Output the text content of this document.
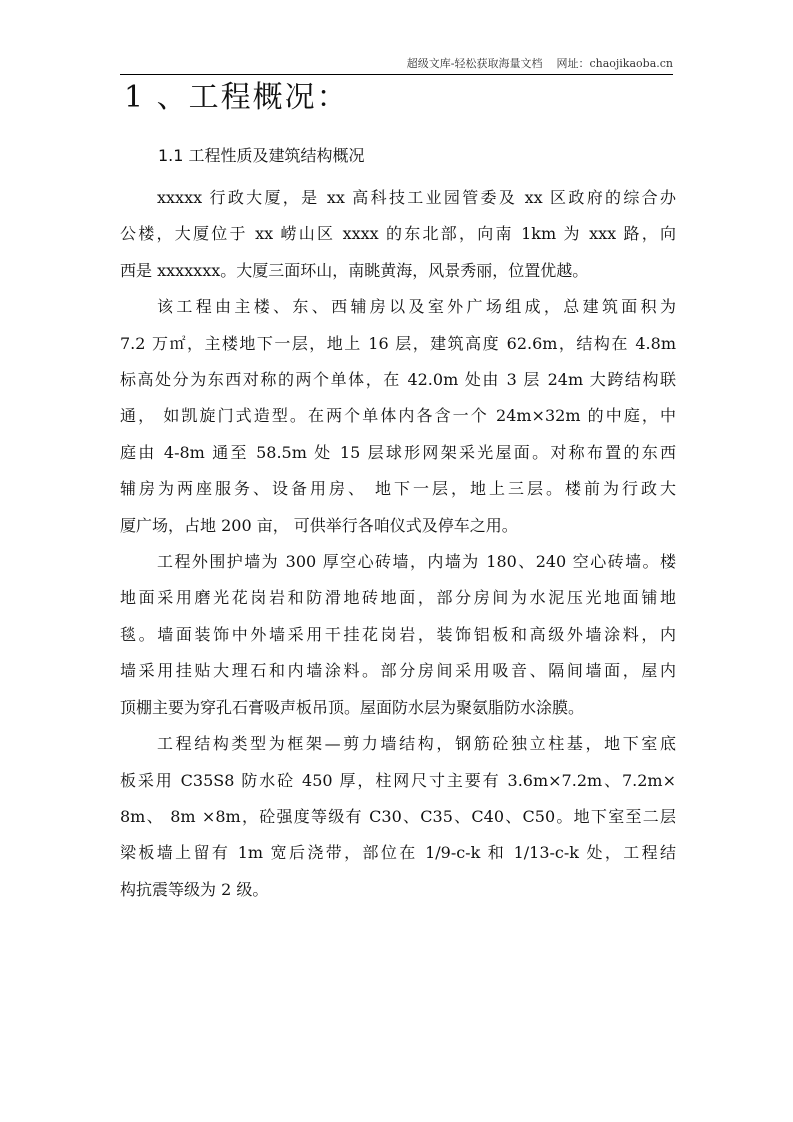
超级文库-轻松获取海量文档 网址：chaojikaoba.cn
1 、工程概况：
1.1 工程性质及建筑结构概况
xxxxx 行政大厦，是 xx 高科技工业园管委及 xx 区政府的综合办
公楼，大厦位于 xx 崂山区 xxxx 的东北部，向南 1km 为 xxx 路，向
西是 xxxxxxx。大厦三面环山，南眺黄海，风景秀丽，位置优越。
该工程由主楼、东、西辅房以及室外广场组成，总建筑面积为
7.2 万㎡，主楼地下一层，地上 16 层，建筑高度 62.6m，结构在 4.8m
标高处分为东西对称的两个单体，在 42.0m 处由 3 层 24m 大跨结构联
通， 如凯旋门式造型。在两个单体内各含一个 24m×32m 的中庭，中
庭由 4-8m 通至 58.5m 处 15 层球形网架采光屋面。对称布置的东西
辅房为两座服务、设备用房、 地下一层，地上三层。楼前为行政大
厦广场，占地 200 亩， 可供举行各咱仪式及停车之用。
工程外围护墙为 300 厚空心砖墙，内墙为 180、240 空心砖墙。楼
地面采用磨光花岗岩和防滑地砖地面，部分房间为水泥压光地面铺地
毯。墙面装饰中外墙采用干挂花岗岩，装饰铝板和高级外墙涂料，内
墙采用挂贴大理石和内墙涂料。部分房间采用吸音、隔间墙面，屋内
顶棚主要为穿孔石膏吸声板吊顶。屋面防水层为聚氨脂防水涂膜。
工程结构类型为框架—剪力墙结构，钢筋砼独立柱基，地下室底
板采用 C35S8 防水砼 450 厚，柱网尺寸主要有 3.6m×7.2m、7.2m×
8m、 8m ×8m，砼强度等级有 C30、C35、C40、C50。地下室至二层
梁板墙上留有 1m 宽后浇带，部位在 1/9-c-k 和 1/13-c-k 处，工程结
构抗震等级为 2 级。
